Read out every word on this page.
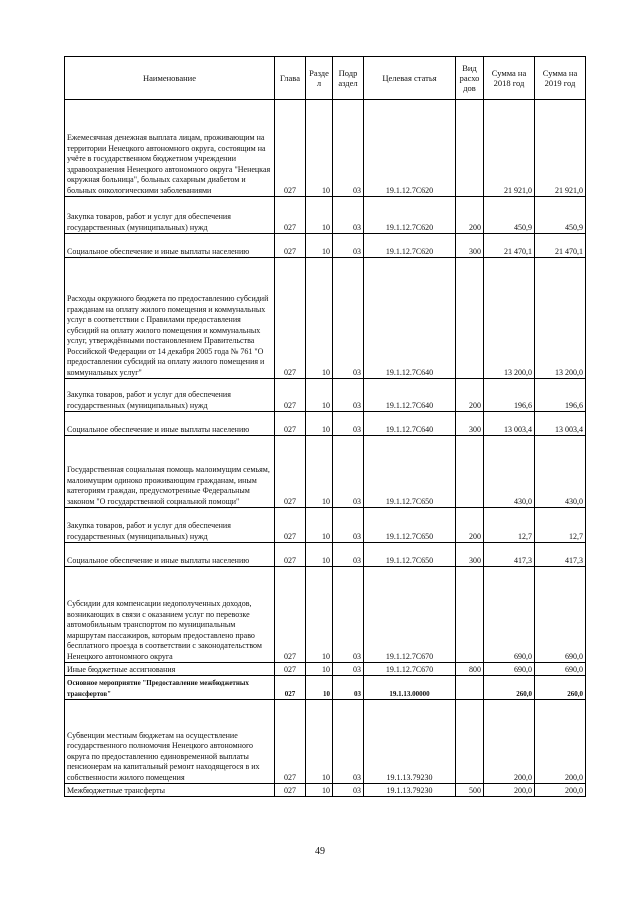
Наименование	Глава	Разде л	Подр аздел	Целевая статья	Вид расхо дов	Сумма на 2018 год	Сумма на 2019 год
Ежемесячная денежная выплата лицам, проживающим на территории Ненецкого автономного округа, состоящим на учёте в государственном бюджетном учреждении здравоохранения Ненецкого автономного округа "Ненецкая окружная больница", больных сахарным диабетом и больных онкологическими заболеваниями	027	10	03	19.1.12.7С620		21 921,0	21 921,0
Закупка товаров, работ и услуг для обеспечения государственных (муниципальных) нужд	027	10	03	19.1.12.7С620	200	450,9	450,9
Социальное обеспечение и иные выплаты населению	027	10	03	19.1.12.7С620	300	21 470,1	21 470,1
Расходы окружного бюджета по предоставлению субсидий гражданам на оплату жилого помещения и коммунальных услуг в соответствии с Правилами предоставления субсидий на оплату жилого помещения и коммунальных услуг, утверждёнными постановлением Правительства Российской Федерации от 14 декабря 2005 года № 761 "О предоставлении субсидий на оплату жилого помещения и коммунальных услуг"	027	10	03	19.1.12.7С640		13 200,0	13 200,0
Закупка товаров, работ и услуг для обеспечения государственных (муниципальных) нужд	027	10	03	19.1.12.7С640	200	196,6	196,6
Социальное обеспечение и иные выплаты населению	027	10	03	19.1.12.7С640	300	13 003,4	13 003,4
Государственная социальная помощь малоимущим семьям, малоимущим одиноко проживающим гражданам, иным категориям граждан, предусмотренные Федеральным законом "О государственной социальной помощи"	027	10	03	19.1.12.7С650		430,0	430,0
Закупка товаров, работ и услуг для обеспечения государственных (муниципальных) нужд	027	10	03	19.1.12.7С650	200	12,7	12,7
Социальное обеспечение и иные выплаты населению	027	10	03	19.1.12.7С650	300	417,3	417,3
Субсидии для компенсации недополученных доходов, возникающих в связи с оказанием услуг по перевозке автомобильным транспортом по муниципальным маршрутам пассажиров, которым предоставлено право бесплатного проезда в соответствии с законодательством Ненецкого автономного округа	027	10	03	19.1.12.7С670		690,0	690,0
Иные бюджетные ассигнования	027	10	03	19.1.12.7С670	800	690,0	690,0
Основное мероприятие "Предоставление межбюджетных трансфертов"	027	10	03	19.1.13.00000		260,0	260,0
Субвенции местным бюджетам на осуществление государственного полномочия Ненецкого автономного округа по предоставлению единовременной выплаты пенсионерам на капитальный ремонт находящегося в их собственности жилого помещения	027	10	03	19.1.13.79230		200,0	200,0
Межбюджетные трансферты	027	10	03	19.1.13.79230	500	200,0	200,0
49
